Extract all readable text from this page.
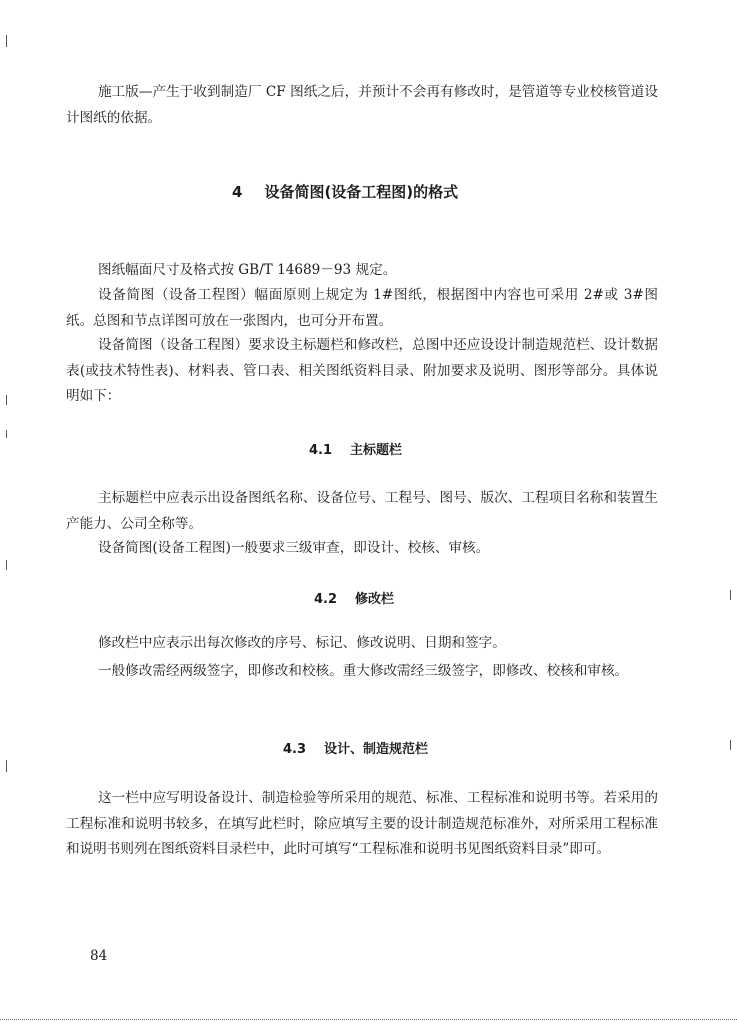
施工版—产生于收到制造厂 CF 图纸之后，并预计不会再有修改时，是管道等专业校核管道设计图纸的依据。

4 设备简图(设备工程图)的格式

图纸幅面尺寸及格式按 GB/T 14689－93 规定。

设备简图（设备工程图）幅面原则上规定为 1#图纸，根据图中内容也可采用 2#或 3#图纸。总图和节点详图可放在一张图内，也可分开布置。

设备简图（设备工程图）要求设主标题栏和修改栏，总图中还应设设计制造规范栏、设计数据表(或技术特性表)、材料表、管口表、相关图纸资料目录、附加要求及说明、图形等部分。具体说明如下：

4.1 主标题栏

主标题栏中应表示出设备图纸名称、设备位号、工程号、图号、版次、工程项目名称和装置生产能力、公司全称等。

设备简图(设备工程图)一般要求三级审查，即设计、校核、审核。

4.2 修改栏

修改栏中应表示出每次修改的序号、标记、修改说明、日期和签字。

一般修改需经两级签字，即修改和校核。重大修改需经三级签字，即修改、校核和审核。

4.3 设计、制造规范栏

这一栏中应写明设备设计、制造检验等所采用的规范、标准、工程标准和说明书等。若采用的工程标准和说明书较多，在填写此栏时，除应填写主要的设计制造规范标准外，对所采用工程标准和说明书则列在图纸资料目录栏中，此时可填写“工程标准和说明书见图纸资料目录”即可。

84
